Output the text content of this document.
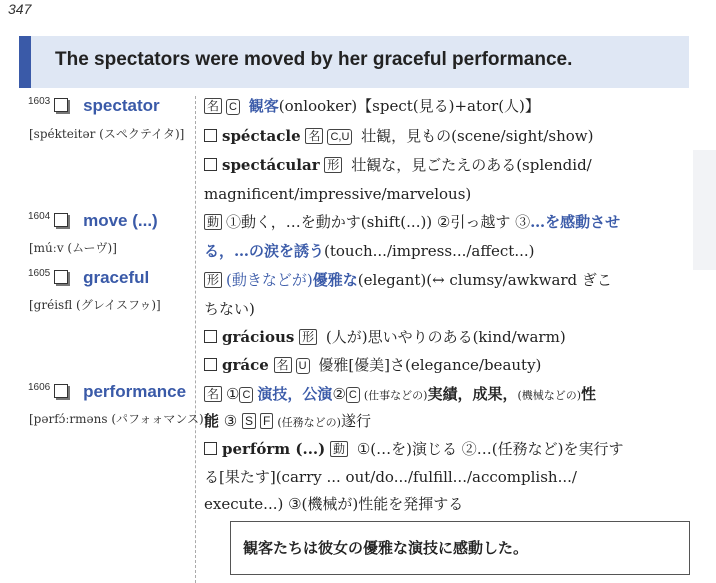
347
The spectators were moved by her graceful performance.
1603 spectator
[spékteitər (スペクテイタ)]
名 C 観客(onlooker)【spect(見る)+ator(人)】
spéctacle 名 C,U 壮観，見もの(scene/sight/show)
spectácular 形 壮観な，見ごたえのある(splendid/
magnificent/impressive/marvelous)
1604 move (...)
[múːv (ムーヴ)]
動 ①動く，…を動かす(shift(...)) ②引っ越す ③…を感動させ
る，…の涙を誘う(touch.../impress.../affect...)
1605 graceful
[gréisfl (グレイスフゥ)]
形 (動きなどが)優雅な(elegant)(↔ clumsy/awkward ぎこ
ちない)
grácious 形 (人が)思いやりのある(kind/warm)
gráce 名 U 優雅[優美]さ(elegance/beauty)
1606 performance
[pərfɔ́ːrməns (パフォォマンス)]
名 ① C 演技，公演② C (仕事などの)実績，成果，(機械などの)性
能 ③ S F (任務などの)遂行
perfórm (...) 動 ①(…を)演じる ②…(任務など)を実行す
る[果たす](carry ... out/do.../fulfill.../accomplish.../
execute...) ③(機械が)性能を発揮する
観客たちは彼女の優雅な演技に感動した。
